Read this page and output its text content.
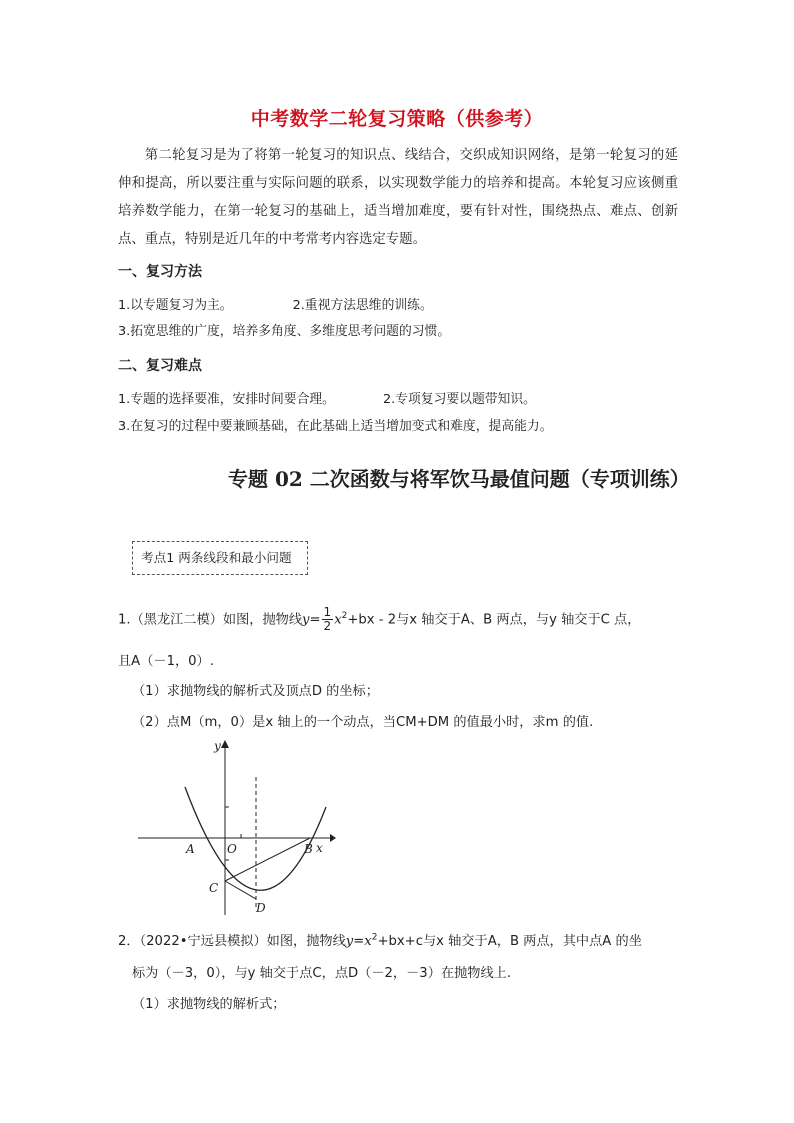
中考数学二轮复习策略（供参考）
第二轮复习是为了将第一轮复习的知识点、线结合，交织成知识网络，是第一轮复习的延伸和提高，所以要注重与实际问题的联系，以实现数学能力的培养和提高。本轮复习应该侧重培养数学能力，在第一轮复习的基础上，适当增加难度，要有针对性，围绕热点、难点、创新点、重点，特别是近几年的中考常考内容选定专题。
一、复习方法
1.以专题复习为主。	2.重视方法思维的训练。
3.拓宽思维的广度，培养多角度、多维度思考问题的习惯。
二、复习难点
1.专题的选择要准，安排时间要合理。	2.专项复习要以题带知识。
3.在复习的过程中要兼顾基础，在此基础上适当增加变式和难度，提高能力。
专题 02 二次函数与将军饮马最值问题（专项训练）
考点1 两条线段和最小问题
1.（黑龙江二模）如图，抛物线$y= \frac{1}{2} x^2+bx - 2$与x 轴交于A、B 两点，与y 轴交于C 点，
且A（－1，0）.
（1）求抛物线的解析式及顶点D 的坐标；
（2）点M（m，0）是x 轴上的一个动点，当CM+DM 的值最小时，求m 的值.
y
O
A	B x
C
D
2．（2022•宁远县模拟）如图，抛物线$y=x^2+bx+c$与x 轴交于A，B 两点，其中点A 的坐
标为（－3，0），与y 轴交于点C，点D（－2，－3）在抛物线上.
（1）求抛物线的解析式；
